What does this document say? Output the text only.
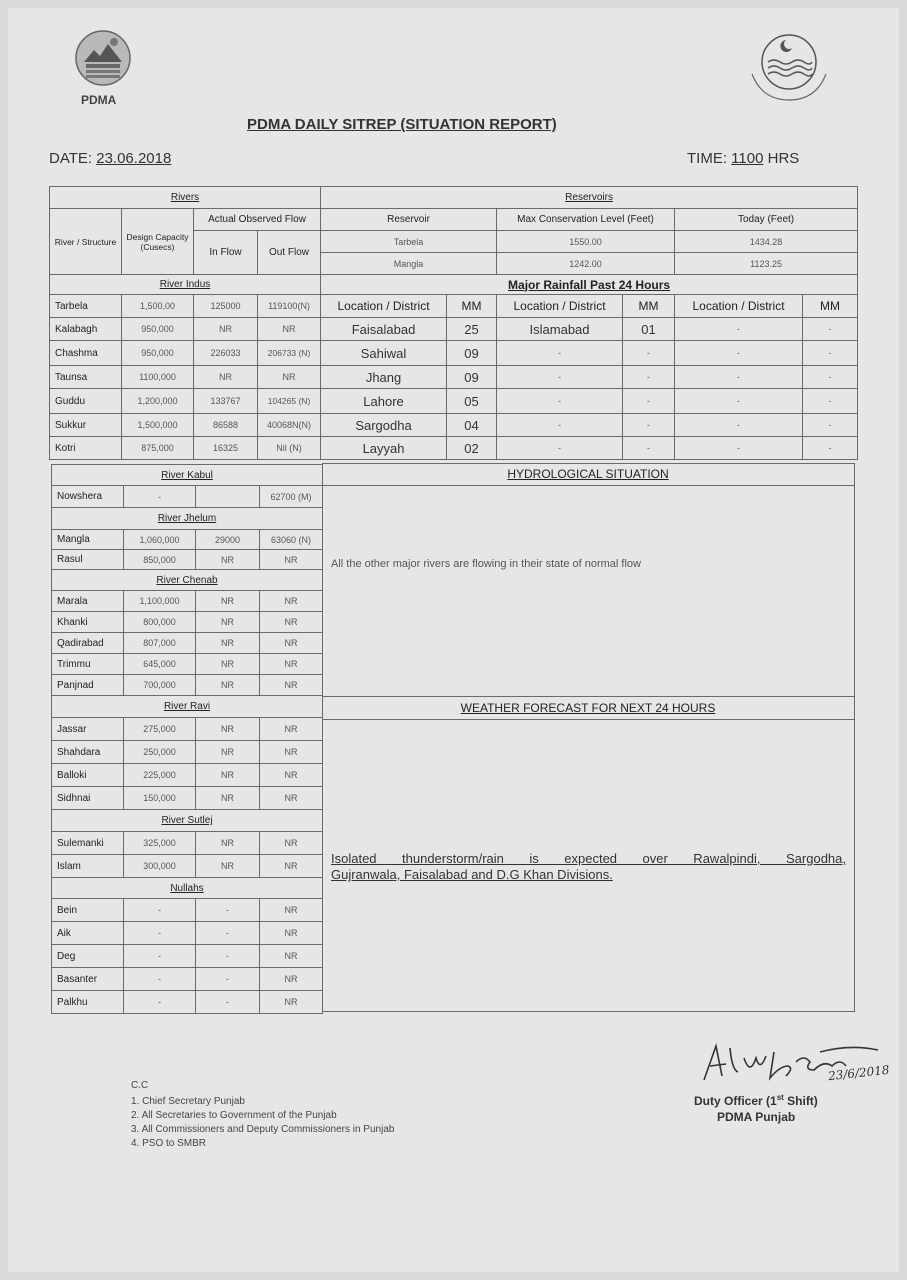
PDMA
PDMA DAILY SITREP (SITUATION REPORT)
DATE: 23.06.2018	TIME: 1100 HRS
Rivers				Reservoirs					
River / Structure	Design Capacity (Cusecs)	Actual Observed Flow		Reservoir		Max Conservation Level (Feet)		Today (Feet)	
		In Flow	Out Flow	Tarbela		1550.00		1434.28	
				Mangla		1242.00		1123.25	
River Indus				Major Rainfall Past 24 Hours					
Tarbela	1,500,00	125000	119100(N)	Location / District	MM	Location / District	MM	Location / District	MM
Kalabagh	950,000	NR	NR	Faisalabad	25	Islamabad	01	-	-
Chashma	950,000	226033	206733 (N)	Sahiwal	09	-	-	-	-
Taunsa	1100,000	NR	NR	Jhang	09	-	-	-	-
Guddu	1,200,000	133767	104265 (N)	Lahore	05	-	-	-	-
Sukkur	1,500,000	86588	40068N(N)	Sargodha	04	-	-	-	-
Kotri	875,000	16325	Nil (N)	Layyah	02	-	-	-	-
River Kabul			
Nowshera	-		62700 (M)
River Jhelum			
Mangla	1,060,000	29000	63060 (N)
Rasul	850,000	NR	NR
River Chenab			
Marala	1,100,000	NR	NR
Khanki	800,000	NR	NR
Qadirabad	807,000	NR	NR
Trimmu	645,000	NR	NR
Panjnad	700,000	NR	NR
River Ravi			
Jassar	275,000	NR	NR
Shahdara	250,000	NR	NR
Balloki	225,000	NR	NR
Sidhnai	150,000	NR	NR
River Sutlej			
Sulemanki	325,000	NR	NR
Islam	300,000	NR	NR
Nullahs			
Bein	-	-	NR
Aik	-	-	NR
Deg	-	-	NR
Basanter	-	-	NR
Palkhu	-	-	NR
HYDROLOGICAL SITUATION
All the other major rivers are flowing in their state of normal flow
WEATHER FORECAST FOR NEXT 24 HOURS
Isolated thunderstorm/rain is expected over Rawalpindi, Sargodha,
Gujranwala, Faisalabad and D.G Khan Divisions.
C.C
1. Chief Secretary Punjab
2. All Secretaries to Government of the Punjab
3. All Commissioners and Deputy Commissioners in Punjab
4. PSO to SMBR
23/6/2018
Duty Officer (1st Shift)
PDMA Punjab
